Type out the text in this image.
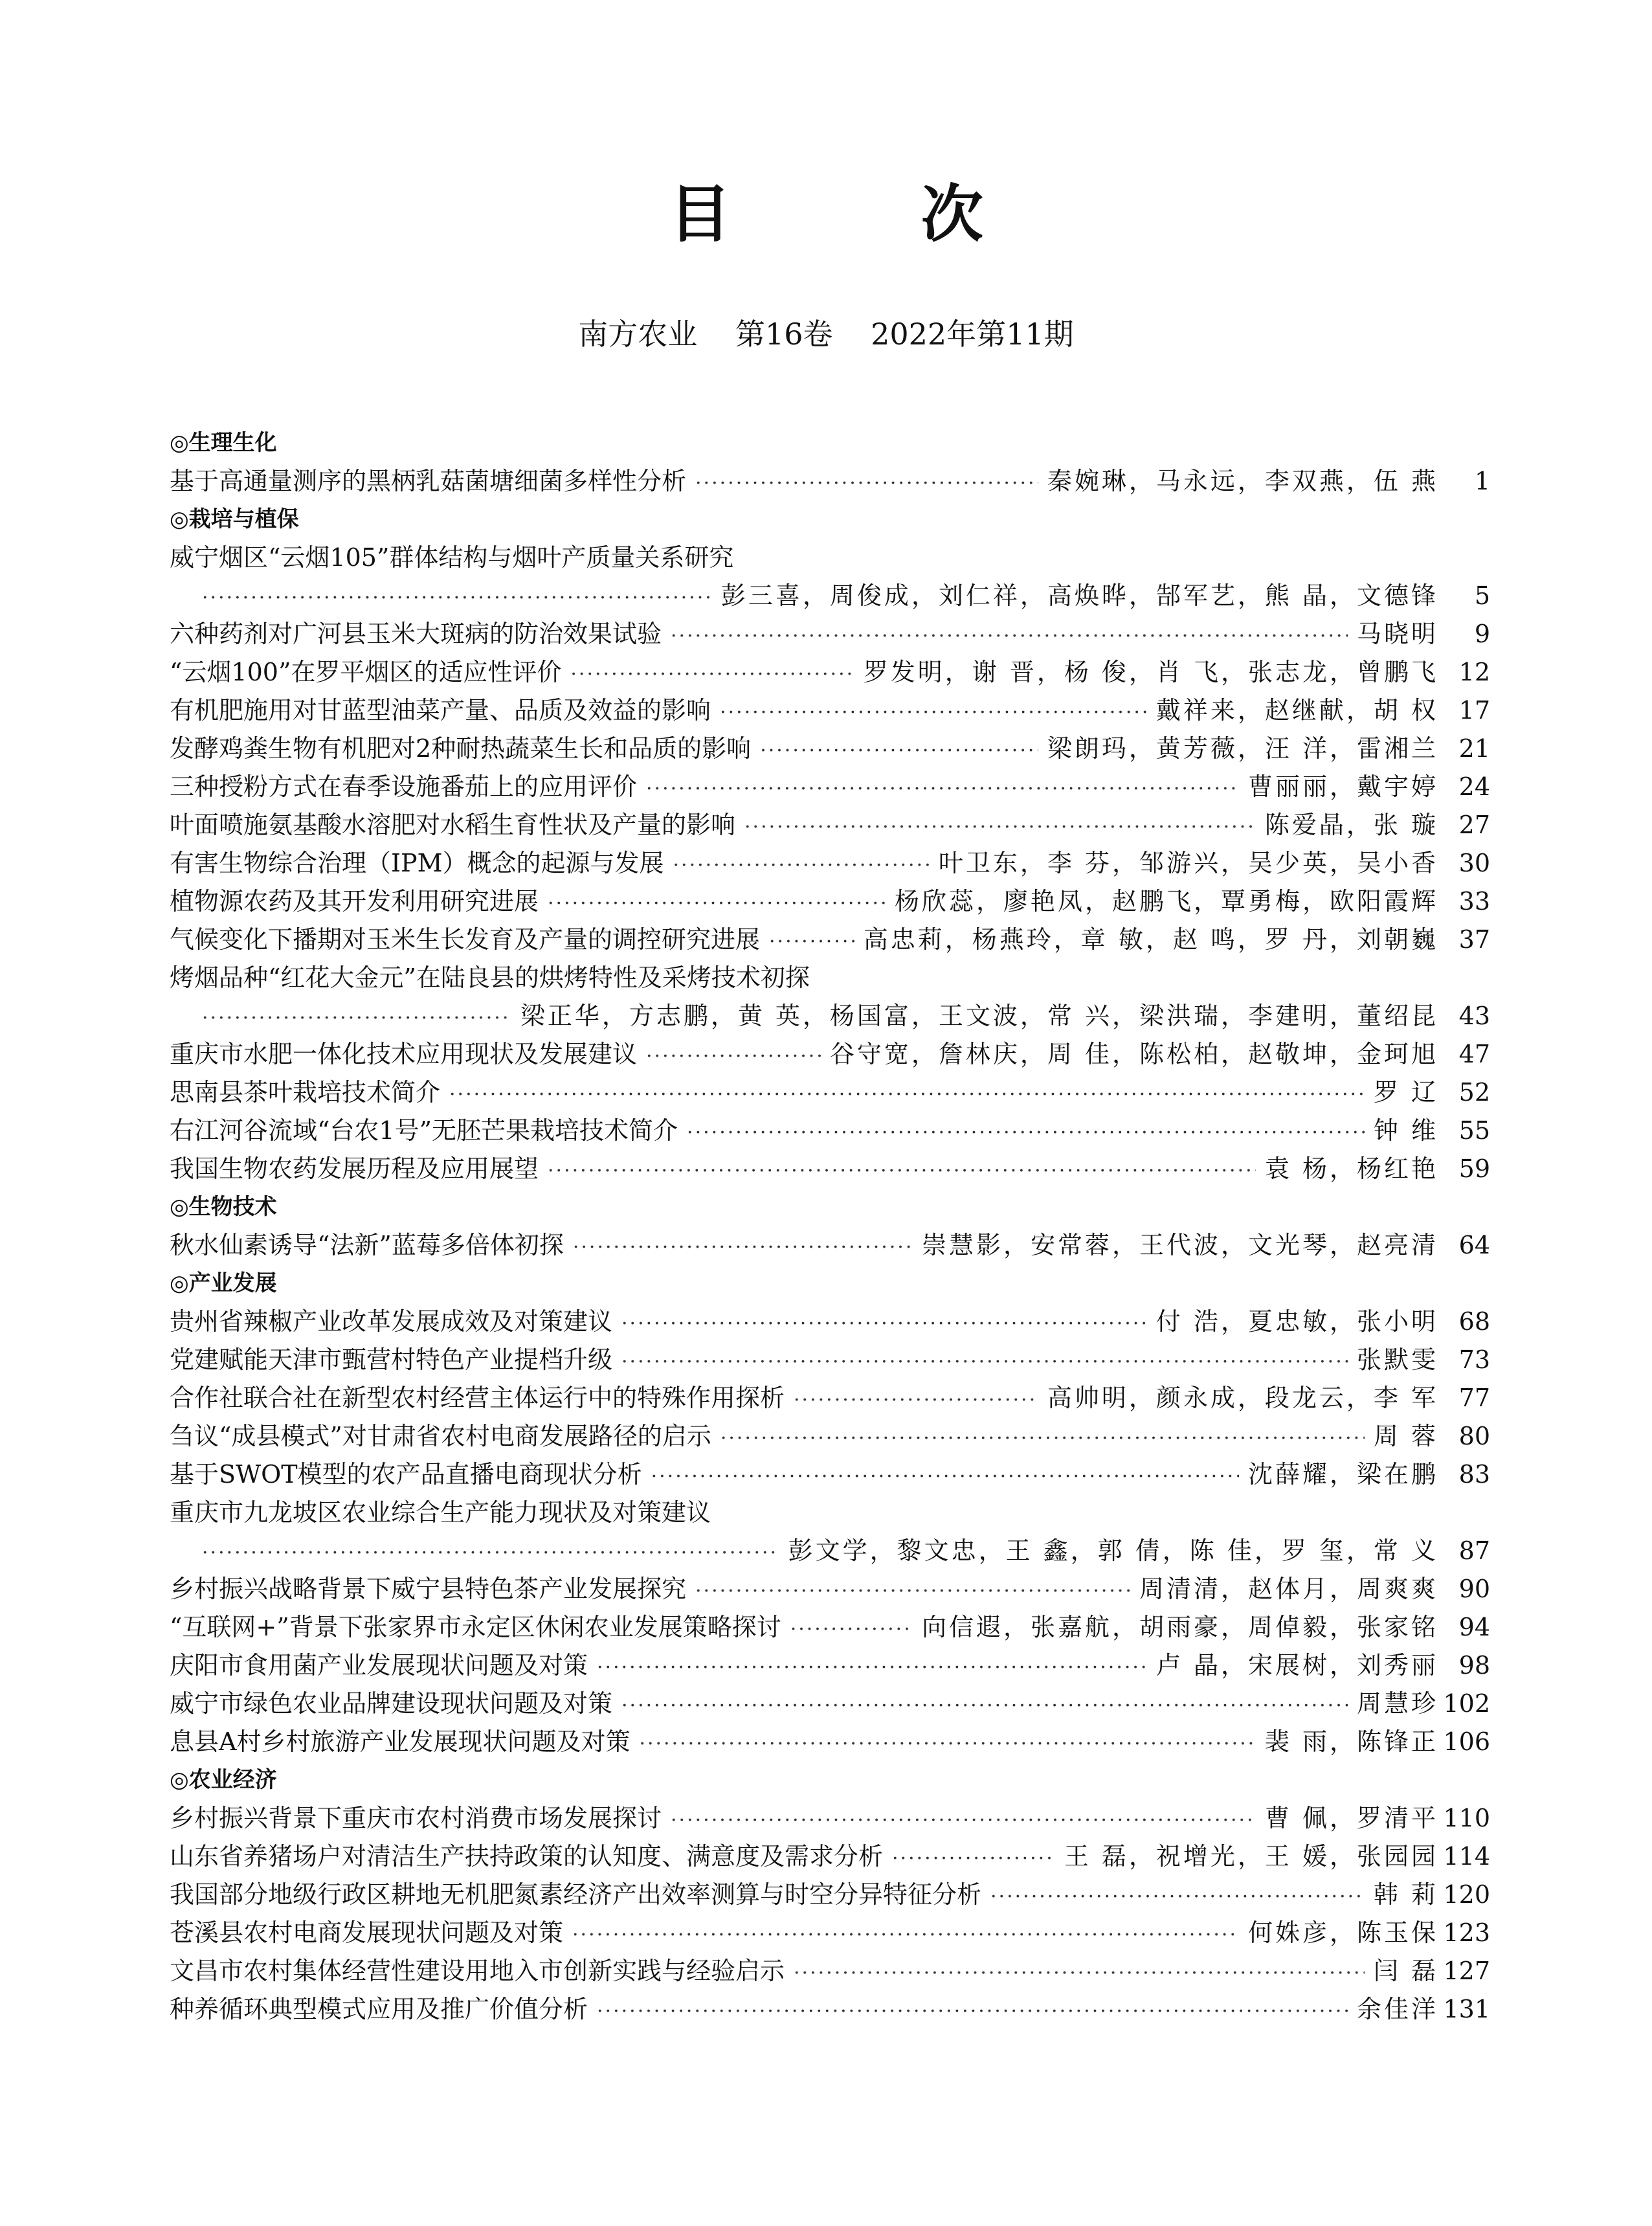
目 次
南方农业 第16卷 2022年第11期
◎生理生化
基于高通量测序的黑柄乳菇菌塘细菌多样性分析 ·····	秦婉琳，马永远，李双燕，伍 燕	1
◎栽培与植保
威宁烟区“云烟105”群体结构与烟叶产质量关系研究
·····
彭三喜，周俊成，刘仁祥，高焕晔，郜军艺，熊 晶，文德锋	5
六种药剂对广河县玉米大斑病的防治效果试验 ·····	马晓明	9
“云烟100”在罗平烟区的适应性评价 ·····	罗发明，谢 晋，杨 俊，肖 飞，张志龙，曾鹏飞 12
有机肥施用对甘蓝型油菜产量、品质及效益的影响 ·····	戴祥来，赵继献，胡 权 17
发酵鸡粪生物有机肥对2种耐热蔬菜生长和品质的影响 ·····	梁朗玛，黄芳薇，汪 洋，雷湘兰 21
三种授粉方式在春季设施番茄上的应用评价 ·····	曹丽丽，戴宇婷 24
叶面喷施氨基酸水溶肥对水稻生育性状及产量的影响 ·····	陈爱晶，张 璇 27
有害生物综合治理（IPM）概念的起源与发展 ·····	叶卫东，李 芬，邹游兴，吴少英，吴小香 30
植物源农药及其开发利用研究进展 ·····	杨欣蕊，廖艳凤，赵鹏飞，覃勇梅，欧阳霞辉 33
气候变化下播期对玉米生长发育及产量的调控研究进展 ·····	高忠莉，杨燕玲，章 敏，赵 鸣，罗 丹，刘朝巍 37
烤烟品种“红花大金元”在陆良县的烘烤特性及采烤技术初探
·····
梁正华，方志鹏，黄 英，杨国富，王文波，常 兴，梁洪瑞，李建明，董绍昆 43
重庆市水肥一体化技术应用现状及发展建议 ·····	谷守宽，詹林庆，周 佳，陈松柏，赵敬坤，金珂旭 47
思南县茶叶栽培技术简介 ·····	罗 辽 52
右江河谷流域“台农1号”无胚芒果栽培技术简介 ·····	钟 维 55
我国生物农药发展历程及应用展望 ·····	袁 杨，杨红艳 59
◎生物技术
秋水仙素诱导“法新”蓝莓多倍体初探 ·····	崇慧影，安常蓉，王代波，文光琴，赵亮清 64
◎产业发展
贵州省辣椒产业改革发展成效及对策建议 ·····	付 浩，夏忠敏，张小明 68
党建赋能天津市甄营村特色产业提档升级 ·····	张默雯 73
合作社联合社在新型农村经营主体运行中的特殊作用探析 ·····	高帅明，颜永成，段龙云，李 军 77
刍议“成县模式”对甘肃省农村电商发展路径的启示 ·····	周 蓉 80
基于SWOT模型的农产品直播电商现状分析 ·····	沈薛耀，梁在鹏 83
重庆市九龙坡区农业综合生产能力现状及对策建议
·····
彭文学，黎文忠，王 鑫，郭 倩，陈 佳，罗 玺，常 义 87
乡村振兴战略背景下威宁县特色茶产业发展探究 ·····	周清清，赵体月，周爽爽 90
“互联网+”背景下张家界市永定区休闲农业发展策略探讨 ·····	向信遐，张嘉航，胡雨豪，周倬毅，张家铭 94
庆阳市食用菌产业发展现状问题及对策 ·····	卢 晶，宋展树，刘秀丽 98
威宁市绿色农业品牌建设现状问题及对策 ·····	周慧珍 102
息县A村乡村旅游产业发展现状问题及对策 ·····	裴 雨，陈锋正 106
◎农业经济
乡村振兴背景下重庆市农村消费市场发展探讨 ·····	曹 佩，罗清平 110
山东省养猪场户对清洁生产扶持政策的认知度、满意度及需求分析 ·····	王 磊，祝增光，王 媛，张园园 114
我国部分地级行政区耕地无机肥氮素经济产出效率测算与时空分异特征分析 ·····	韩 莉 120
苍溪县农村电商发展现状问题及对策 ·····	何姝彦，陈玉保 123
文昌市农村集体经营性建设用地入市创新实践与经验启示 ·····	闫 磊 127
种养循环典型模式应用及推广价值分析 ·····	余佳洋 131
